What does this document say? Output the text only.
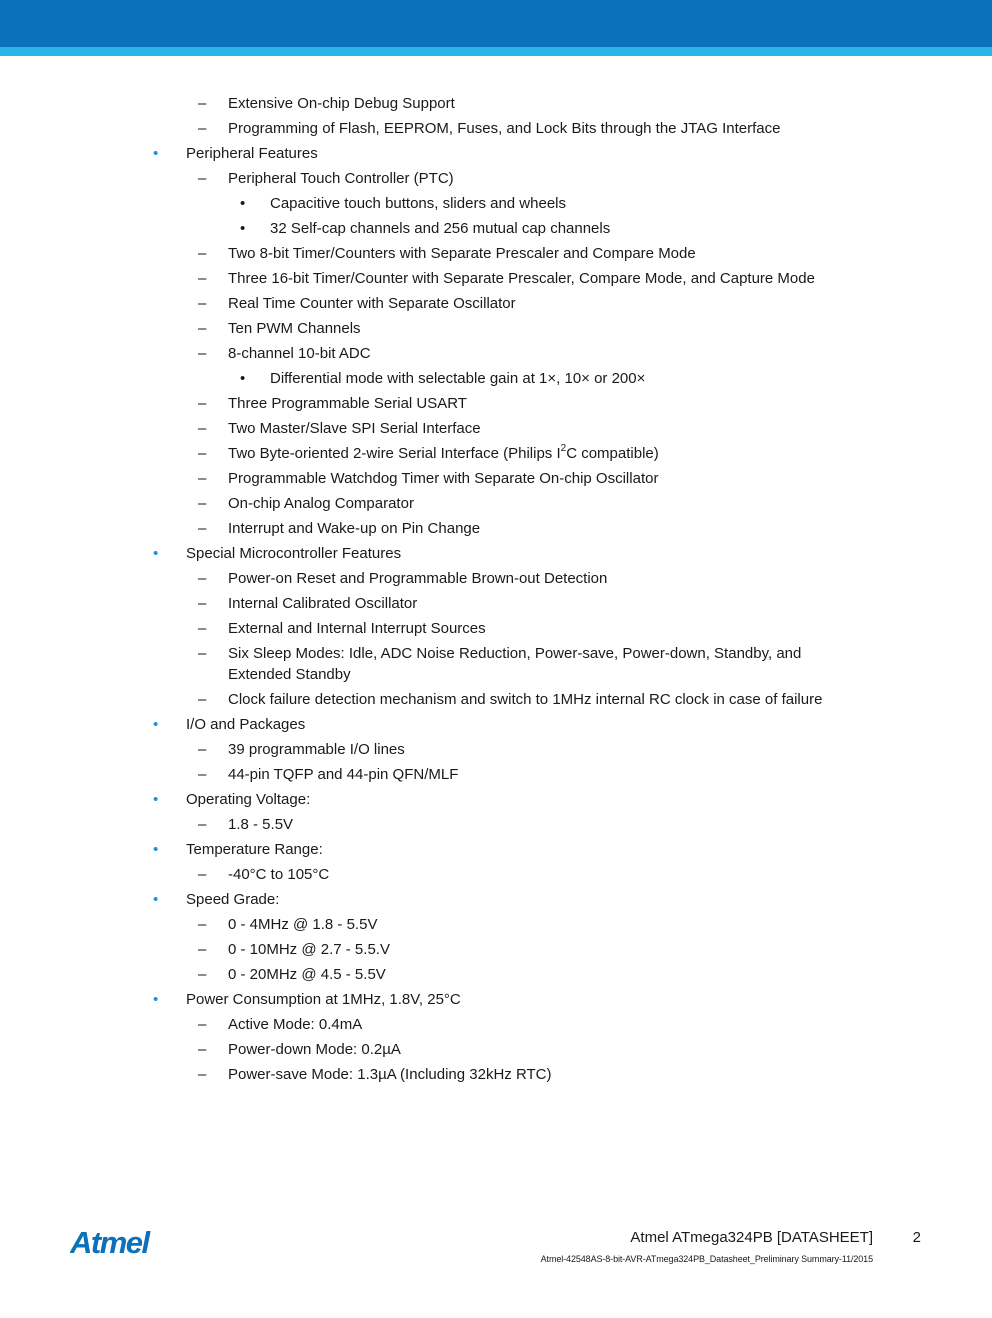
– Extensive On-chip Debug Support
– Programming of Flash, EEPROM, Fuses, and Lock Bits through the JTAG Interface
• Peripheral Features
– Peripheral Touch Controller (PTC)
• Capacitive touch buttons, sliders and wheels
• 32 Self-cap channels and 256 mutual cap channels
– Two 8-bit Timer/Counters with Separate Prescaler and Compare Mode
– Three 16-bit Timer/Counter with Separate Prescaler, Compare Mode, and Capture Mode
– Real Time Counter with Separate Oscillator
– Ten PWM Channels
– 8-channel 10-bit ADC
• Differential mode with selectable gain at 1×, 10× or 200×
– Three Programmable Serial USART
– Two Master/Slave SPI Serial Interface
– Two Byte-oriented 2-wire Serial Interface (Philips $I^2C$ compatible)
– Programmable Watchdog Timer with Separate On-chip Oscillator
– On-chip Analog Comparator
– Interrupt and Wake-up on Pin Change
• Special Microcontroller Features
– Power-on Reset and Programmable Brown-out Detection
– Internal Calibrated Oscillator
– External and Internal Interrupt Sources
– Six Sleep Modes: Idle, ADC Noise Reduction, Power-save, Power-down, Standby, and
Extended Standby
– Clock failure detection mechanism and switch to 1MHz internal RC clock in case of failure
• I/O and Packages
– 39 programmable I/O lines
– 44-pin TQFP and 44-pin QFN/MLF
• Operating Voltage:
– 1.8 - 5.5V
• Temperature Range:
– -40°C to 105°C
• Speed Grade:
– 0 - 4MHz @ 1.8 - 5.5V
– 0 - 10MHz @ 2.7 - 5.5.V
– 0 - 20MHz @ 4.5 - 5.5V
• Power Consumption at 1MHz, 1.8V, 25°C
– Active Mode: 0.4mA
– Power-down Mode: 0.2µA
– Power-save Mode: 1.3µA (Including 32kHz RTC)
Atmel	Atmel ATmega324PB [DATASHEET]	2
Atmel-42548AS-8-bit-AVR-ATmega324PB_Datasheet_Preliminary Summary-11/2015
